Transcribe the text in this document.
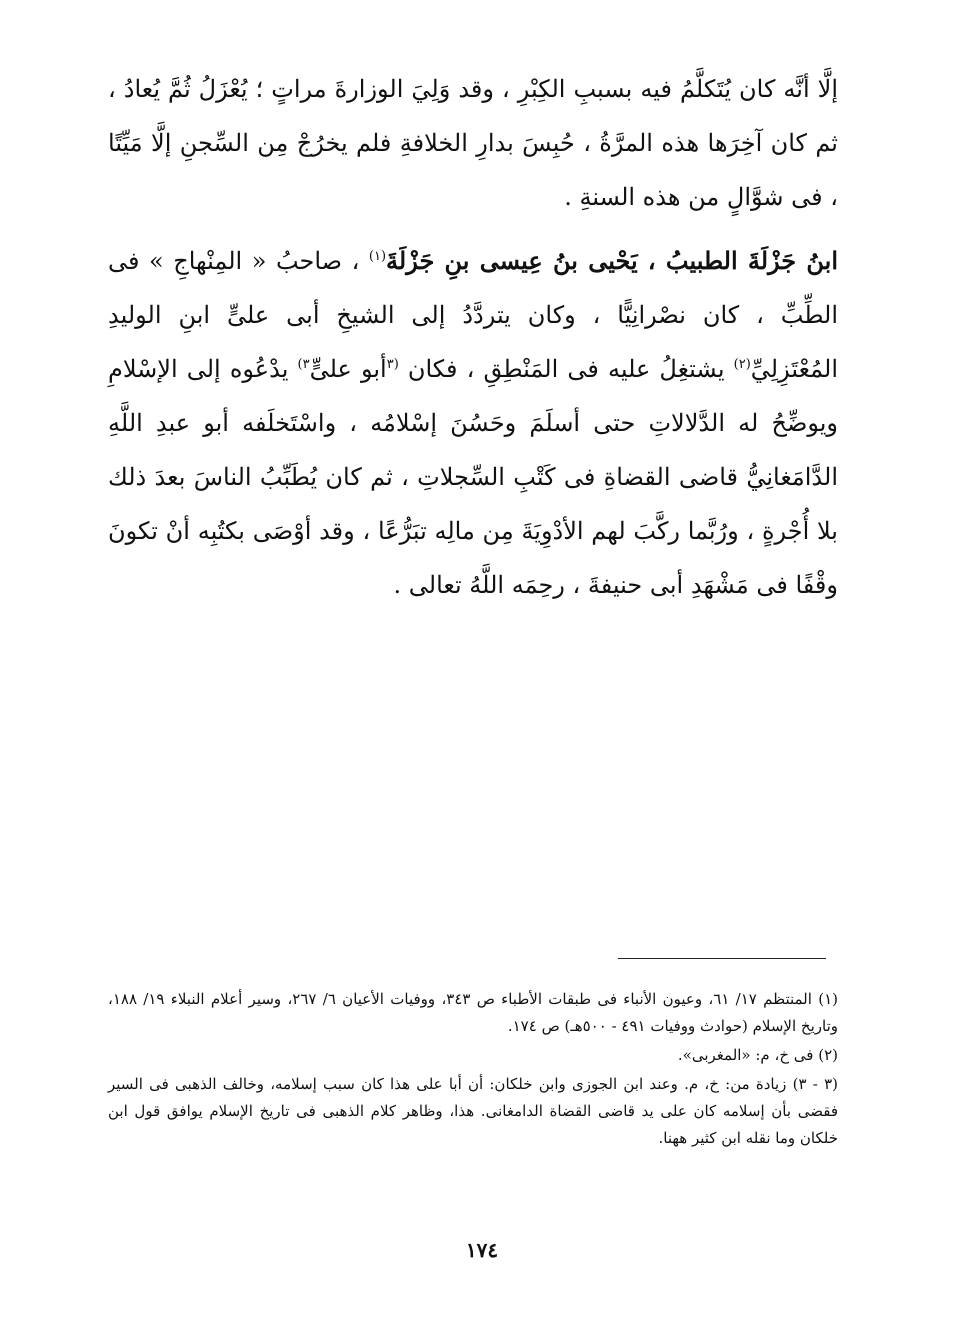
إلَّا أنَّه كان يُتَكلَّمُ فيه بسببِ الكِبْرِ ، وقد وَلِيَ الوزارةَ مراتٍ ؛ يُعْزَلُ ثُمَّ يُعادُ ، ثم كان آخِرَها هذه المرَّةُ ، حُبِسَ بدارِ الخلافةِ فلم يخرُجْ مِن السِّجنِ إلَّا مَيِّتًا ، فى شوَّالٍ من هذه السنةِ .

ابنُ جَزْلَةَ الطبيبُ ، يَحْيى بنُ عِيسى بنِ جَزْلَةَ$^{(١)}$ ، صاحبُ « المِنْهاجِ » فى الطِّبِّ ، كان نصْرانِيًّا ، وكان يتردَّدُ إلى الشيخِ أبى علىٍّ ابنِ الوليدِ المُعْتَزِلِيِّ$^{(٢)}$ يشتغِلُ عليه فى المَنْطِقِ ، فكان $^{(٣}$أبو علىٍّ$^{٣)}$ يدْعُوه إلى الإسْلامِ ويوضِّحُ له الدَّلالاتِ حتى أسلَمَ وحَسُنَ إسْلامُه ، واسْتَخلَفه أبو عبدِ اللَّهِ الدَّامَغانِيُّ قاضى القضاةِ فى كَتْبِ السِّجلاتِ ، ثم كان يُطَبِّبُ الناسَ بعدَ ذلك بلا أُجْرةٍ ، ورُبَّما ركَّبَ لهم الأدْوِيَةَ مِن مالِه تبَرُّعًا ، وقد أوْصَى بكتُبِه أنْ تكونَ وقْفًا فى مَشْهَدِ أبى حنيفةَ ، رحِمَه اللَّهُ تعالى .

(١) المنتظم ١٧/ ٦١، وعيون الأنباء فى طبقات الأطباء ص ٣٤٣، ووفيات الأعيان ٦/ ٢٦٧، وسير أعلام النبلاء ١٩/ ١٨٨، وتاريخ الإسلام (حوادث ووفيات ٤٩١ - ٥٠٠هـ) ص ١٧٤.

(٢) فى خ، م: «المغربى».

(٣ - ٣) زيادة من: خ، م. وعند ابن الجوزى وابن خلكان: أن أبا على هذا كان سبب إسلامه، وخالف الذهبى فى السير فقضى بأن إسلامه كان على يد قاضى القضاة الدامغانى. هذا، وظاهر كلام الذهبى فى تاريخ الإسلام يوافق قول ابن خلكان وما نقله ابن كثير ههنا.

١٧٤
